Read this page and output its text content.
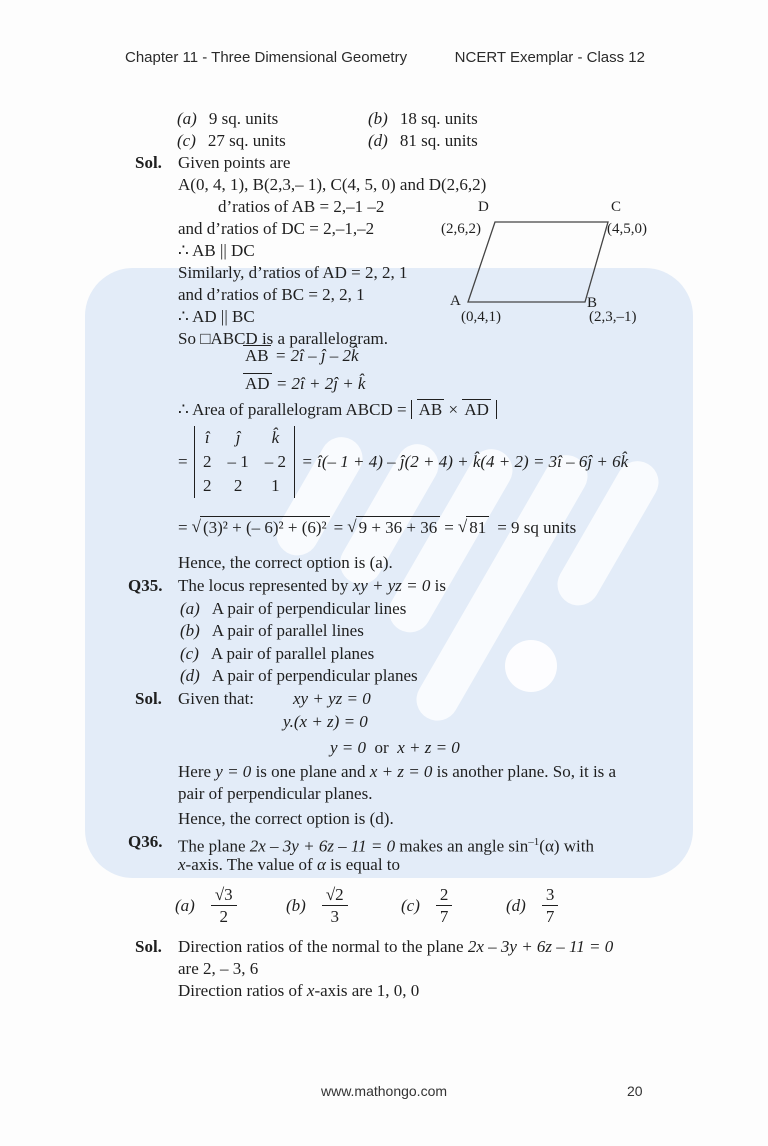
Chapter 11 - Three Dimensional Geometry	NCERT Exemplar - Class 12
(a) 9 sq. units	(b) 18 sq. units
(c) 27 sq. units	(d) 81 sq. units
Sol. Given points are
A(0, 4, 1), B(2,3,– 1), C(4, 5, 0) and D(2,6,2)
d’ratios of AB = 2,–1 –2
and d’ratios of DC = 2,–1,–2
∴ AB || DC
Similarly, d’ratios of AD = 2, 2, 1
and d’ratios of BC = 2, 2, 1
∴ AD || BC
So □ABCD is a parallelogram.
D
(2,6,2)
C
(4,5,0)
A
(0,4,1)
B
(2,3,–1)
AB = 2î – ĵ – 2k̂
AD = 2î + 2ĵ + k̂
∴ Area of parallelogram ABCD = AB × AD
=
î	ĵ	k̂
2 – 1 – 2
2	2	1
= î(– 1 + 4) – ĵ(2 + 4) + k̂(4 + 2) = 3î – 6ĵ + 6k̂
= √ (3)² + (– 6)² + (6)² = √ 9 + 36 + 36 = √ 81 = 9 sq units
Hence, the correct option is (a).
Q35. The locus represented by xy + yz = 0 is
(a) A pair of perpendicular lines
(b) A pair of parallel lines
(c) A pair of parallel planes
(d) A pair of perpendicular planes
Sol. Given that: xy + yz = 0
y.(x + z) = 0
y = 0 or x + z = 0
Here y = 0 is one plane and x + z = 0 is another plane. So, it is a
pair of perpendicular planes.
Hence, the correct option is (d).
Q36. The plane 2x – 3y + 6z – 11 = 0 makes an angle $\sin^{-1}(\alpha)$ with
x-axis. The value of α is equal to
$(a) \frac{√3}{2}$	$(b) \frac{√2}{3}$	$(c) \frac{2}{7}$	$(d) \frac{3}{7}$
Sol. Direction ratios of the normal to the plane 2x – 3y + 6z – 11 = 0
are 2, – 3, 6
Direction ratios of x-axis are 1, 0, 0
www.mathongo.com	20
